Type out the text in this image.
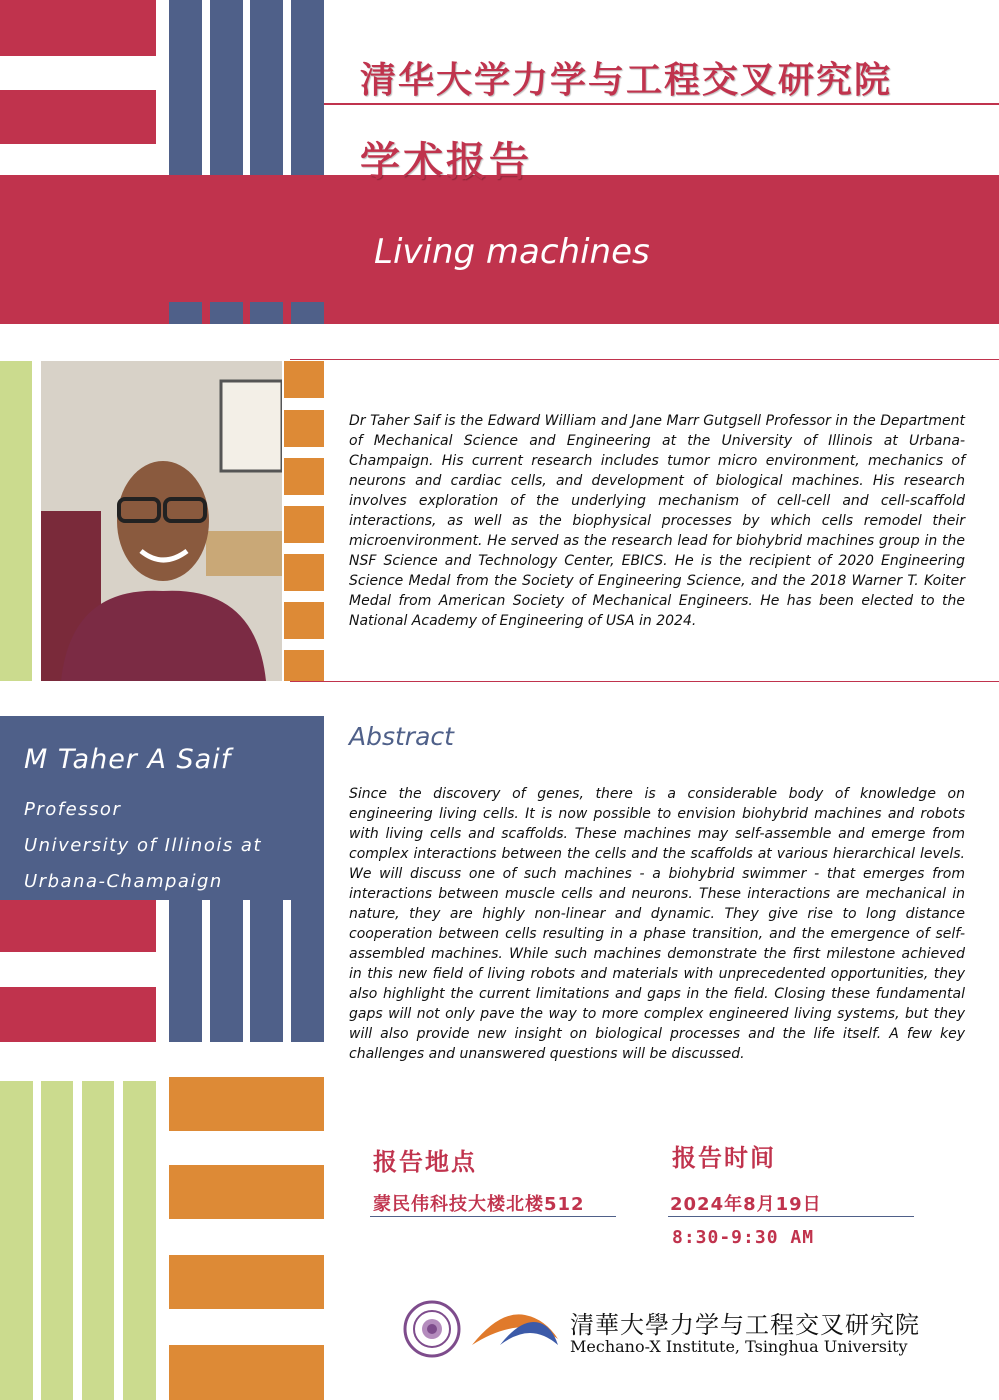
清华大学力学与工程交叉研究院
学术报告
Living machines
Dr Taher Saif is the Edward William and Jane Marr Gutgsell Professor in the Department of Mechanical Science and Engineering at the University of Illinois at Urbana-Champaign. His current research includes tumor micro environment, mechanics of neurons and cardiac cells, and development of biological machines. His research involves exploration of the underlying mechanism of cell-cell and cell-scaffold interactions, as well as the biophysical processes by which cells remodel their microenvironment. He served as the research lead for biohybrid machines group in the NSF Science and Technology Center, EBICS. He is the recipient of 2020 Engineering Science Medal from the Society of Engineering Science, and the 2018 Warner T. Koiter Medal from American Society of Mechanical Engineers. He has been elected to the National Academy of Engineering of USA in 2024.
M Taher A Saif
Professor
University of Illinois at
Urbana-Champaign
Abstract
Since the discovery of genes, there is a considerable body of knowledge on engineering living cells. It is now possible to envision biohybrid machines and robots with living cells and scaffolds. These machines may self-assemble and emerge from complex interactions between the cells and the scaffolds at various hierarchical levels. We will discuss one of such machines - a biohybrid swimmer - that emerges from interactions between muscle cells and neurons. These interactions are mechanical in nature, they are highly non-linear and dynamic. They give rise to long distance cooperation between cells resulting in a phase transition, and the emergence of self-assembled machines. While such machines demonstrate the first milestone achieved in this new field of living robots and materials with unprecedented opportunities, they also highlight the current limitations and gaps in the field. Closing these fundamental gaps will not only pave the way to more complex engineered living systems, but they will also provide new insight on biological processes and the life itself. A few key challenges and unanswered questions will be discussed.
报告地点
蒙民伟科技大楼北楼512
报告时间
2024年8月19日
8:30-9:30 AM
清華大學力学与工程交叉研究院
Mechano-X Institute, Tsinghua University
